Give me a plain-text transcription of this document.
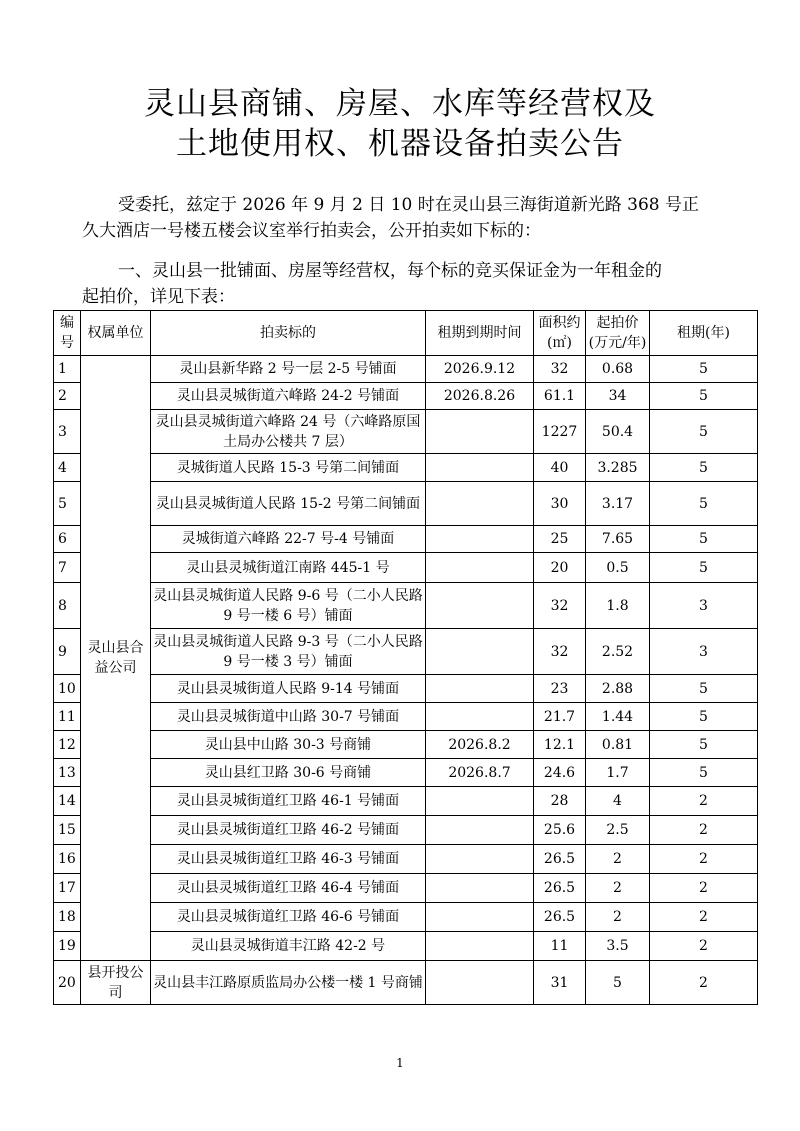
灵山县商铺、房屋、水库等经营权及
土地使用权、机器设备拍卖公告
受委托，兹定于 2026 年 9 月 2 日 10 时在灵山县三海街道新光路 368 号正
久大酒店一号楼五楼会议室举行拍卖会，公开拍卖如下标的：
一、灵山县一批铺面、房屋等经营权，每个标的竞买保证金为一年租金的
起拍价，详见下表：
编号	权属单位	拍卖标的	租期到期时间	面积约(㎡)	起拍价(万元/年)	租期(年)
1	灵山县合益公司	灵山县新华路 2 号一层 2-5 号铺面	2026.9.12	32	0.68	5
2		灵山县灵城街道六峰路 24-2 号铺面	2026.8.26	61.1	34	5
3		灵山县灵城街道六峰路 24 号（六峰路原国土局办公楼共 7 层）		1227	50.4	5
4		灵城街道人民路 15-3 号第二间铺面		40	3.285	5
5		灵山县灵城街道人民路 15-2 号第二间铺面		30	3.17	5
6		灵城街道六峰路 22-7 号-4 号铺面		25	7.65	5
7		灵山县灵城街道江南路 445-1 号		20	0.5	5
8		灵山县灵城街道人民路 9-6 号（二小人民路 9 号一楼 6 号）铺面		32	1.8	3
9		灵山县灵城街道人民路 9-3 号（二小人民路 9 号一楼 3 号）铺面		32	2.52	3
10		灵山县灵城街道人民路 9-14 号铺面		23	2.88	5
11		灵山县灵城街道中山路 30-7 号铺面		21.7	1.44	5
12		灵山县中山路 30-3 号商铺	2026.8.2	12.1	0.81	5
13		灵山县红卫路 30-6 号商铺	2026.8.7	24.6	1.7	5
14		灵山县灵城街道红卫路 46-1 号铺面		28	4	2
15		灵山县灵城街道红卫路 46-2 号铺面		25.6	2.5	2
16		灵山县灵城街道红卫路 46-3 号铺面		26.5	2	2
17		灵山县灵城街道红卫路 46-4 号铺面		26.5	2	2
18		灵山县灵城街道红卫路 46-6 号铺面		26.5	2	2
19		灵山县灵城街道丰江路 42-2 号		11	3.5	2
20	县开投公司	灵山县丰江路原质监局办公楼一楼 1 号商铺		31	5	2
1
